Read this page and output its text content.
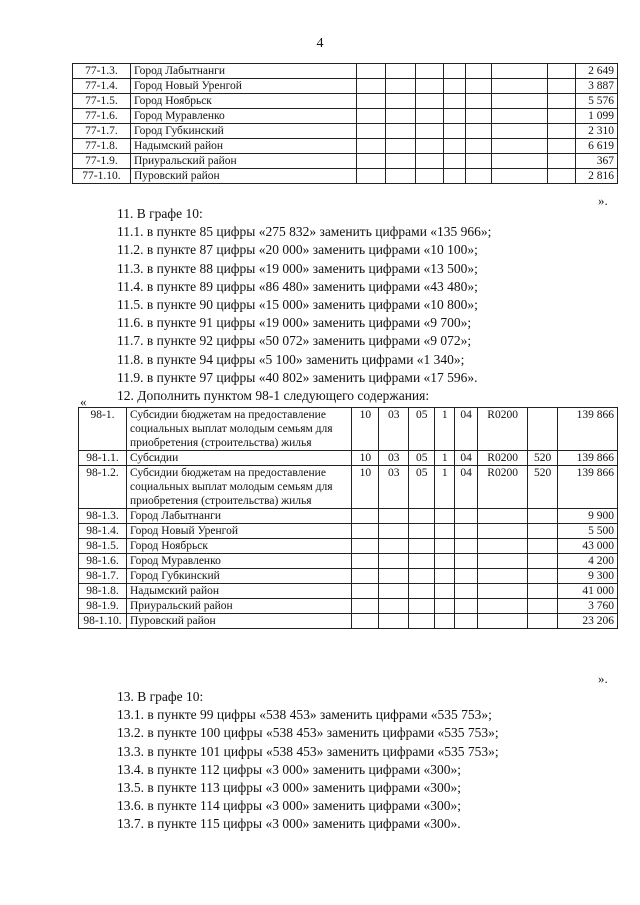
4
77-1.3.	Город Лабытнанги								2 649
77-1.4.	Город Новый Уренгой								3 887
77-1.5.	Город Ноябрьск								5 576
77-1.6.	Город Муравленко								1 099
77-1.7.	Город Губкинский								2 310
77-1.8.	Надымский район								6 619
77-1.9.	Приуральский район								367
77-1.10.	Пуровский район								2 816
».
11. В графе 10:
11.1. в пункте 85 цифры «275 832» заменить цифрами «135 966»;
11.2. в пункте 87 цифры «20 000» заменить цифрами «10 100»;
11.3. в пункте 88 цифры «19 000» заменить цифрами «13 500»;
11.4. в пункте 89 цифры «86 480» заменить цифрами «43 480»;
11.5. в пункте 90 цифры «15 000» заменить цифрами «10 800»;
11.6. в пункте 91 цифры «19 000» заменить цифрами «9 700»;
11.7. в пункте 92 цифры «50 072» заменить цифрами «9 072»;
11.8. в пункте 94 цифры «5 100» заменить цифрами «1 340»;
11.9. в пункте 97 цифры «40 802» заменить цифрами «17 596».
12. Дополнить пунктом 98-1 следующего содержания:
«
98-1.	Субсидии бюджетам на предоставление социальных выплат молодым семьям для приобретения (строительства) жилья	10	03	05	1	04	R0200		139 866
98-1.1.	Субсидии	10	03	05	1	04	R0200	520	139 866
98-1.2.	Субсидии бюджетам на предоставление социальных выплат молодым семьям для приобретения (строительства) жилья	10	03	05	1	04	R0200	520	139 866
98-1.3.	Город Лабытнанги								9 900
98-1.4.	Город Новый Уренгой								5 500
98-1.5.	Город Ноябрьск								43 000
98-1.6.	Город Муравленко								4 200
98-1.7.	Город Губкинский								9 300
98-1.8.	Надымский район								41 000
98-1.9.	Приуральский район								3 760
98-1.10.	Пуровский район								23 206
».
13. В графе 10:
13.1. в пункте 99 цифры «538 453» заменить цифрами «535 753»;
13.2. в пункте 100 цифры «538 453» заменить цифрами «535 753»;
13.3. в пункте 101 цифры «538 453» заменить цифрами «535 753»;
13.4. в пункте 112 цифры «3 000» заменить цифрами «300»;
13.5. в пункте 113 цифры «3 000» заменить цифрами «300»;
13.6. в пункте 114 цифры «3 000» заменить цифрами «300»;
13.7. в пункте 115 цифры «3 000» заменить цифрами «300».
